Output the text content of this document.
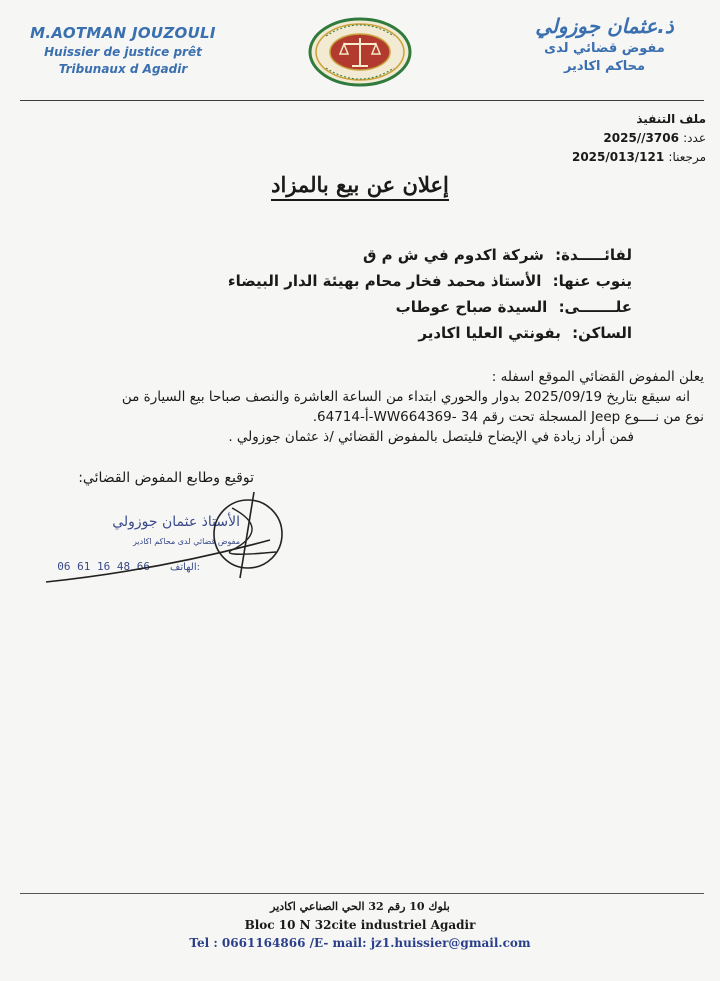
M.AOTMAN JOUZOULI
Huissier de justice prêt
Tribunaux d Agadir
ذ.عثمان جوزولي
مفوض قضائي لدى
محاكم اكادير
ملف التنفيذ
عدد: 2025//3706
مرجعنا: 2025/013/121
إعلان عن بيع بالمزاد
لفائـــــدة: شركة اكدوم في ش م ق
ينوب عنها: الأستاذ محمد فخار محام بهيئة الدار البيضاء
علـــــــى: السيدة صباح عوطاب
الساكن: بفونتي العليا اكادير
يعلن المفوض القضائي الموقع اسفله :
انه سيقع بتاريخ 2025/09/19 بدوار والحوري ابتداء من الساعة العاشرة والنصف صباحا بيع السيارة من
نوع من نــــوع Jeep المسجلة تحت رقم WW664369- 34-أ-64714.
فمن أراد زيادة في الإيضاح فليتصل بالمفوض القضائي /ذ عثمان جوزولي .
توقيع وطابع المفوض القضائي:
الأستاذ عثمان جوزولي
مفوض قضائي لدى محاكم اكادير
الهاتف:
06 61 16 48 66
بلوك 10 رقم 32 الحي الصناعي اكادير
Bloc 10 N 32cite industriel Agadir
Tel : 0661164866 /E- mail: jz1.huissier@gmail.com
